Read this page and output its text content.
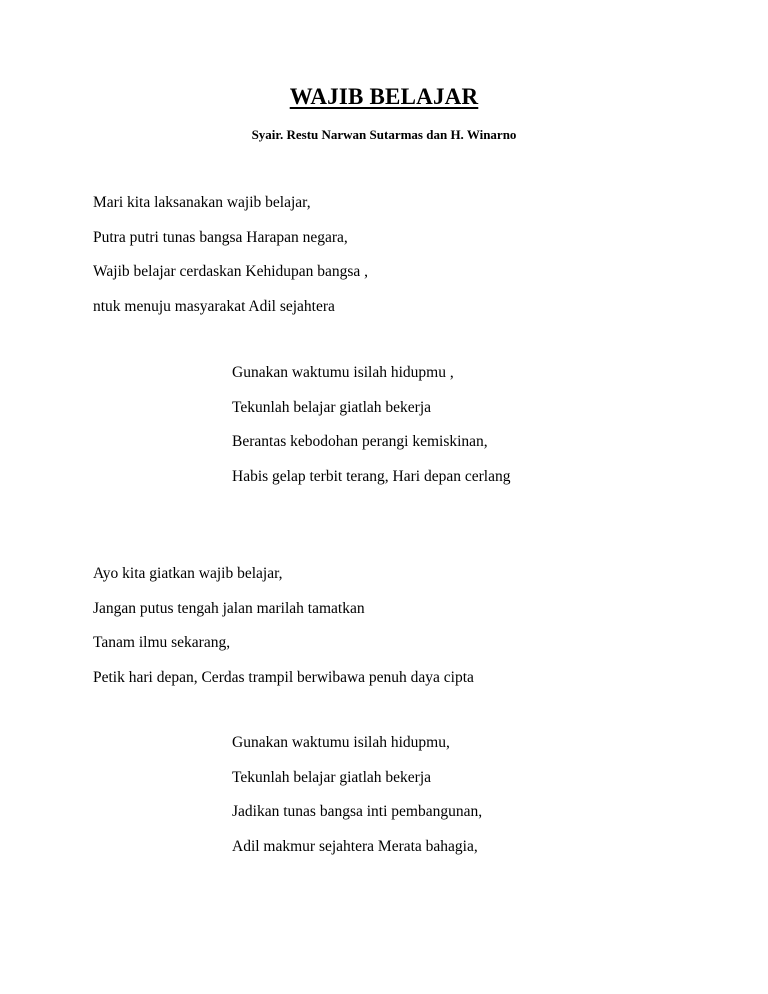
WAJIB BELAJAR
Syair. Restu Narwan Sutarmas dan H. Winarno
Mari kita laksanakan wajib belajar,
Putra putri tunas bangsa Harapan negara,
Wajib belajar cerdaskan Kehidupan bangsa ,
ntuk menuju masyarakat Adil sejahtera
Gunakan waktumu isilah hidupmu ,
Tekunlah belajar giatlah bekerja
Berantas kebodohan perangi kemiskinan,
Habis gelap terbit terang, Hari depan cerlang
Ayo kita giatkan wajib belajar,
Jangan putus tengah jalan marilah tamatkan
Tanam ilmu sekarang,
Petik hari depan, Cerdas trampil berwibawa penuh daya cipta
Gunakan waktumu isilah hidupmu,
Tekunlah belajar giatlah bekerja
Jadikan tunas bangsa inti pembangunan,
Adil makmur sejahtera Merata bahagia,
